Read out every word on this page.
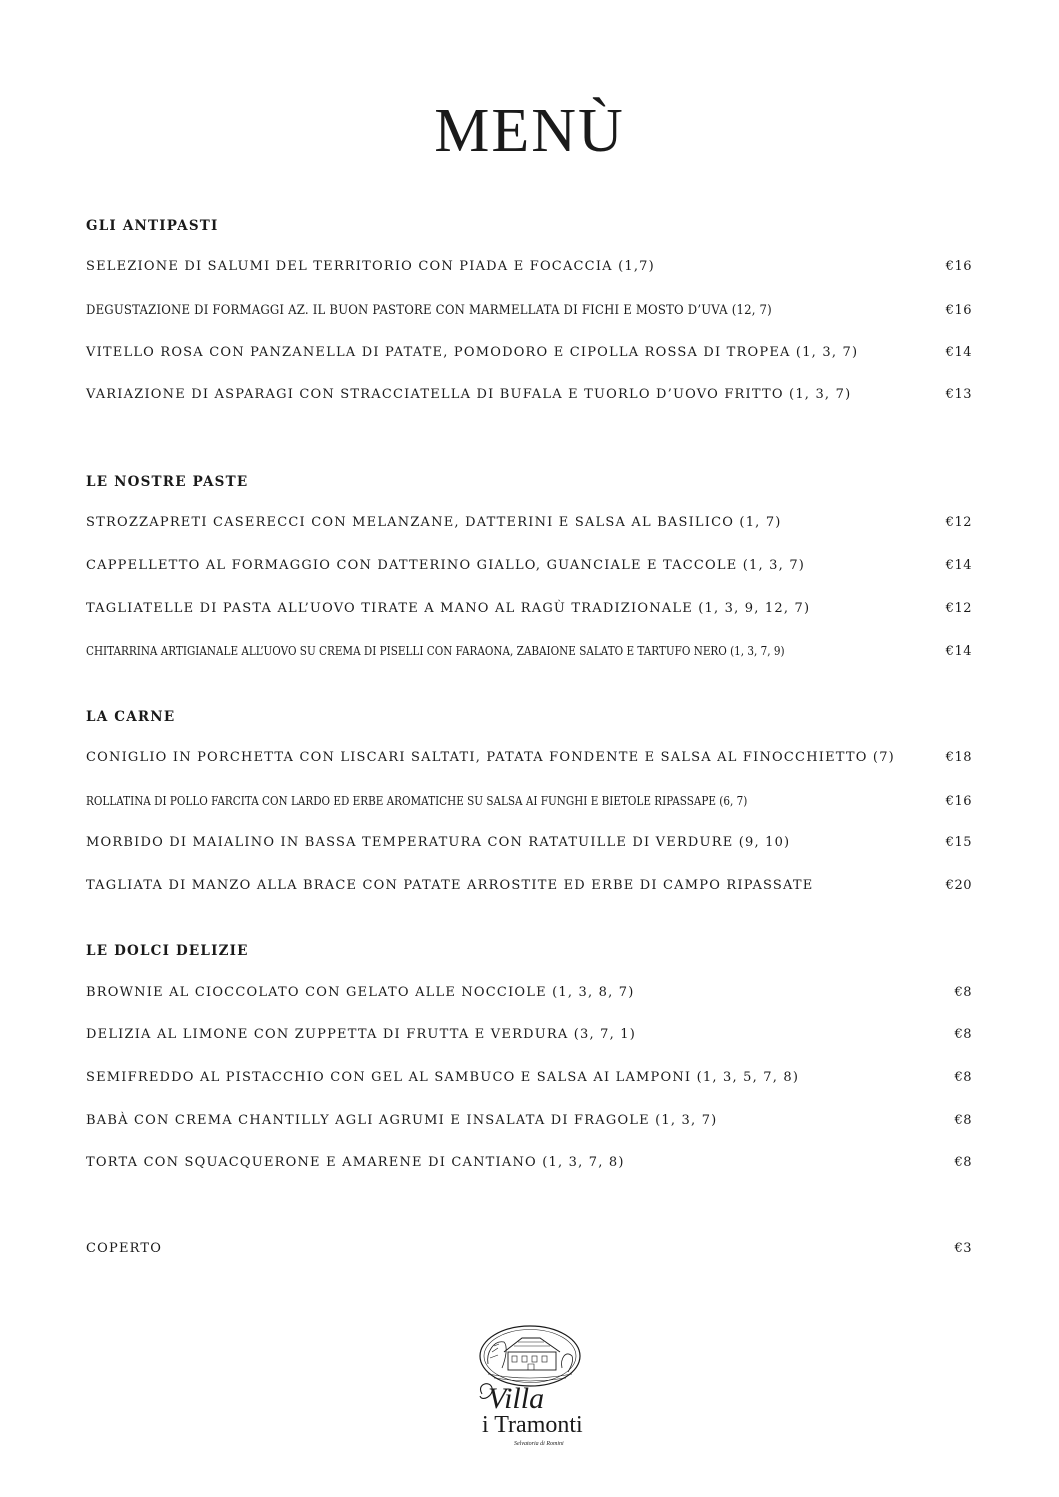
MENÙ
GLI ANTIPASTI
SELEZIONE DI SALUMI DEL TERRITORIO CON PIADA E FOCACCIA (1,7)	€16
DEGUSTAZIONE DI FORMAGGI AZ. IL BUON PASTORE CON MARMELLATA DI FICHI E MOSTO D’UVA (12, 7)	€16
VITELLO ROSA CON PANZANELLA DI PATATE, POMODORO E CIPOLLA ROSSA DI TROPEA (1, 3, 7)	€14
VARIAZIONE DI ASPARAGI CON STRACCIATELLA DI BUFALA E TUORLO D’UOVO FRITTO (1, 3, 7)	€13
LE NOSTRE PASTE
STROZZAPRETI CASERECCI CON MELANZANE, DATTERINI E SALSA AL BASILICO (1, 7)	€12
CAPPELLETTO AL FORMAGGIO CON DATTERINO GIALLO, GUANCIALE E TACCOLE (1, 3, 7)	€14
TAGLIATELLE DI PASTA ALL’UOVO TIRATE A MANO AL RAGÙ TRADIZIONALE (1, 3, 9, 12, 7)	€12
CHITARRINA ARTIGIANALE ALL’UOVO SU CREMA DI PISELLI CON FARAONA, ZABAIONE SALATO E TARTUFO NERO (1, 3, 7, 9)	€14
LA CARNE
CONIGLIO IN PORCHETTA CON LISCARI SALTATI, PATATA FONDENTE E SALSA AL FINOCCHIETTO (7)	€18
ROLLATINA DI POLLO FARCITA CON LARDO ED ERBE AROMATICHE SU SALSA AI FUNGHI E BIETOLE RIPASSAPE (6, 7)	€16
MORBIDO DI MAIALINO IN BASSA TEMPERATURA CON RATATUILLE DI VERDURE (9, 10)	€15
TAGLIATA DI MANZO ALLA BRACE CON PATATE ARROSTITE ED ERBE DI CAMPO RIPASSATE	€20
LE DOLCI DELIZIE
BROWNIE AL CIOCCOLATO CON GELATO ALLE NOCCIOLE (1, 3, 8, 7)	€8
DELIZIA AL LIMONE CON ZUPPETTA DI FRUTTA E VERDURA (3, 7, 1)	€8
SEMIFREDDO AL PISTACCHIO CON GEL AL SAMBUCO E SALSA AI LAMPONI (1, 3, 5, 7, 8)	€8
BABÀ CON CREMA CHANTILLY AGLI AGRUMI E INSALATA DI FRAGOLE (1, 3, 7)	€8
TORTA CON SQUACQUERONE E AMARENE DI CANTIANO (1, 3, 7, 8)	€8
COPERTO	€3
Villa
i Tramonti
Selvatoria di Romini
